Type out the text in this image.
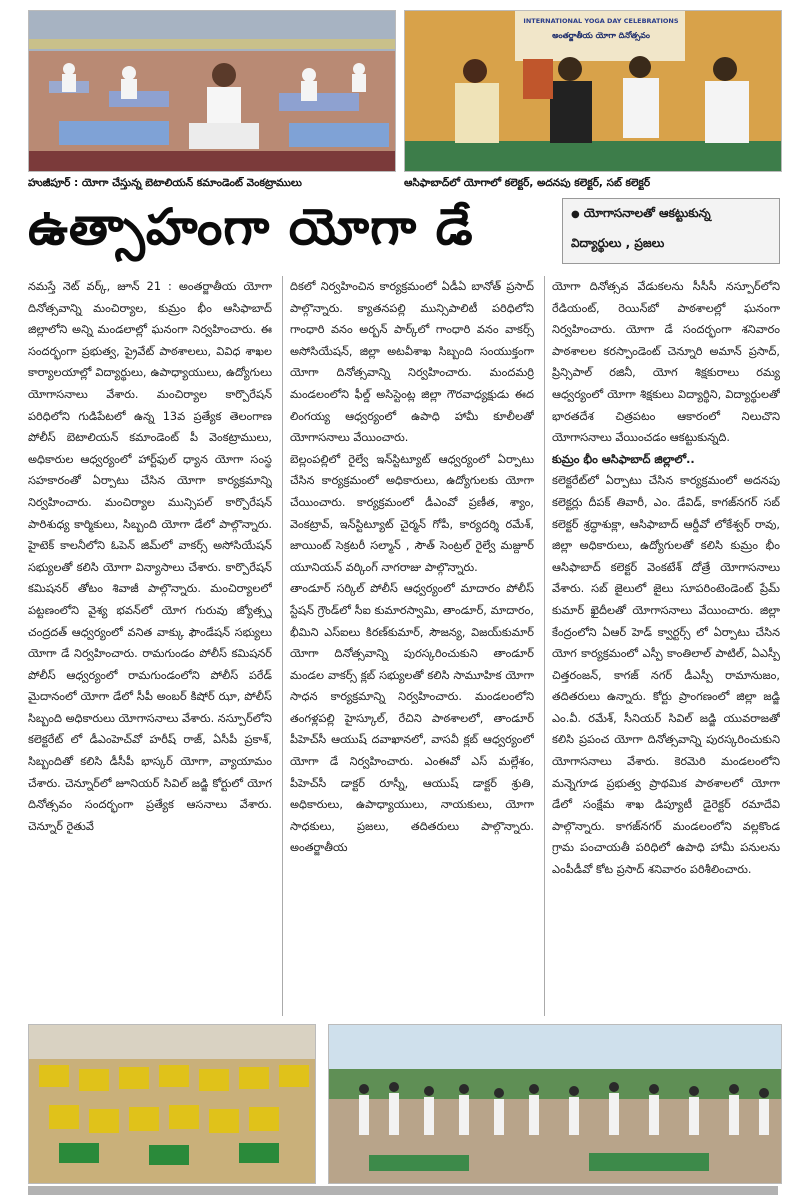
హుజీపూర్ : యోగా చేస్తున్న బెటాలియన్ కమాండెంట్ వెంకట్రాములు
INTERNATIONAL YOGA DAY CELEBRATIONS
అంతర్జాతీయ యోగా దినోత్సవం
ఆసిఫాబాద్‌లో యోగాలో కలెక్టర్, అదనపు కలెక్టర్, సబ్ కలెక్టర్
ఉత్సాహంగా యోగా డే	● యోగాసనాలతో ఆకట్టుకున్న
విద్యార్థులు , ప్రజలు

నమస్తే నెట్ వర్క్, జూన్ 21 : అంతర్జాతీయ యోగా దినోత్సవాన్ని మంచిర్యాల, కుమ్రం భీం ఆసిఫాబాద్ జిల్లాలోని అన్ని మండలాల్లో ఘనంగా నిర్వహించారు. ఈ సందర్భంగా ప్రభుత్వ, ప్రైవేట్ పాఠశాలలు, వివిధ శాఖల కార్యాలయాల్లో విద్యార్థులు, ఉపాధ్యాయులు, ఉద్యోగులు యోగాసనాలు వేశారు. మంచిర్యాల కార్పొరేషన్ పరిధిలోని గుడిపేటలో ఉన్న 13వ ప్రత్యేక తెలంగాణ పోలీస్ బెటాలియన్ కమాండెంట్ పీ వెంకట్రాములు, అధికారుల ఆధ్వర్యంలో హార్ట్‌ఫుల్ ధ్యాన యోగా సంస్థ సహకారంతో ఏర్పాటు చేసిన యోగా కార్యక్రమాన్ని నిర్వహించారు. మంచిర్యాల మున్సిపల్ కార్పొరేషన్ పారిశుధ్య కార్మికులు, సిబ్బంది యోగా డేలో పాల్గొన్నారు. హైటెక్ కాలనీలోని ఓపెన్ జిమ్‌లో వాకర్స్ అసోసియేషన్ సభ్యులతో కలిసి యోగా విన్యాసాలు చేశారు. కార్పొరేషన్ కమిషనర్ తోటం శివాజీ పాల్గొన్నారు. మంచిర్యాలలో పట్టణంలోని వైశ్య భవన్‌లో యోగ గురువు జ్యోత్స్న చంద్రదత్ ఆధ్వర్యంలో వనిత వాక్కు ఫౌండేషన్ సభ్యులు యోగా డే నిర్వహించారు. రామగుండం పోలీస్ కమిషనర్ పోలీస్ ఆధ్వర్యంలో రామగుండంలోని పోలీస్ పరేడ్ మైదానంలో యోగా డేలో సీపీ అంబర్ కిషోర్ ఝా, పోలీస్ సిబ్బంది అధికారులు యోగాసనాలు వేశారు. నస్పూర్‌లోని కలెక్టరేట్ లో డీఎంహెచ్‌వో హరీష్ రాజ్, ఏసీపీ ప్రకాశ్, సిబ్బందితో కలిసి డీసీపీ భాస్కర్ యోగా, వ్యాయామం చేశారు. చెన్నూర్‌లో జూనియర్ సివిల్ జడ్జి కోర్టులో యోగ దినోత్సవం సందర్భంగా ప్రత్యేక ఆసనాలు వేశారు. చెన్నూర్ రైతువే

దికలో నిర్వహించిన కార్యక్రమంలో ఏడీఏ బానోత్ ప్రసాద్ పాల్గొన్నారు. క్యాతనపల్లి మున్సిపాలిటీ పరిధిలోని గాంధారి వనం అర్బన్ పార్క్‌లో గాంధారి వనం వాకర్స్ అసోసియేషన్, జిల్లా అటవీశాఖ సిబ్బంది సంయుక్తంగా యోగా దినోత్సవాన్ని నిర్వహించారు. మందమర్రి మండలంలోని ఫీల్డ్ అసిస్టెంట్ల జిల్లా గౌరవాధ్యక్షుడు ఈద లింగయ్య ఆధ్వర్యంలో ఉపాధి హామీ కూలీలతో యోగాసనాలు వేయించారు.

బెల్లంపల్లిలో రైల్వే ఇన్‌స్టిట్యూట్ ఆధ్వర్యంలో ఏర్పాటు చేసిన కార్యక్రమంలో అధికారులు, ఉద్యోగులకు యోగా చేయించారు. కార్యక్రమంలో డీఎంవో ప్రణీత, శ్యాం, వెంకట్రావ్, ఇన్‌స్టిట్యూట్ చైర్మన్ గోపీ, కార్యదర్శి రమేశ్, జాయింట్ సెక్రటరీ సల్మాన్ , సౌత్ సెంట్రల్ రైల్వే మజ్దూర్ యూనియన్ వర్కింగ్ నాగరాజు పాల్గొన్నారు.

తాండూర్ సర్కిల్ పోలీస్ ఆధ్వర్యంలో మాదారం పోలీస్ స్టేషన్ గ్రౌండ్‌లో సీఐ కుమారస్వామి, తాండూర్, మాదారం, భీమిని ఎస్ఐలు కిరణ్‌కుమార్, సౌజన్య, విజయ్‌కుమార్ యోగా దినోత్సవాన్ని పురస్కరించుకుని తాండూర్ మండల వాకర్స్ క్లబ్ సభ్యులతో కలిసి సామూహిక యోగా సాధన కార్యక్రమాన్ని నిర్వహించారు. మండలంలోని తంగళ్లపల్లి హైస్కూల్, రేచిని పాఠశాలలో, తాండూర్ పీహెచ్‌సీ ఆయుష్ దవాఖానలో, వాసవీ క్లబ్ ఆధ్వర్యంలో యోగా డే నిర్వహించారు. ఎంఈవో ఎస్ మల్లేశం, పీహెచ్‌సీ డాక్టర్ రూస్నీ, ఆయుష్ డాక్టర్ శ్రుతి, అధికారులు, ఉపాధ్యాయులు, నాయకులు, యోగా సాధకులు, ప్రజలు, తదితరులు పాల్గొన్నారు. అంతర్జాతీయ

యోగా దినోత్సవ వేడుకలను సీసీసీ నస్పూర్‌లోని రేడియంట్, రెయిన్‌బో పాఠశాలల్లో ఘనంగా నిర్వహించారు. యోగా డే సందర్భంగా శనివారం పాఠశాలల కరస్పాండెంట్ చెన్నూరి అమాన్ ప్రసాద్, ప్రిన్సిపాల్ రజినీ, యోగ శిక్షకురాలు రమ్య ఆధ్వర్యంలో యోగా శిక్షకులు విద్యార్థిని, విద్యార్థులతో భారతదేశ చిత్రపటం ఆకారంలో నిలుచొని యోగాసనాలు వేయించడం ఆకట్టుకున్నది.

కుమ్రం భీం ఆసిఫాబాద్ జిల్లాలో..

కలెక్టరేట్‌లో ఏర్పాటు చేసిన కార్యక్రమంలో అదనపు కలెక్టర్లు దీపక్ తివారీ, ఎం. డేవిడ్, కాగజ్‌నగర్ సబ్ కలెక్టర్ శ్రద్ధాశుక్లా, ఆసిఫాబాద్ ఆర్డీవో లోకేశ్వర్ రావు, జిల్లా అధికారులు, ఉద్యోగులతో కలిసి కుమ్రం భీం ఆసిఫాబాద్ కలెక్టర్ వెంకటేశ్ దోత్రే యోగాసనాలు వేశారు. సబ్ జైలులో జైలు సూపరింటెండెంట్ ప్రేమ్ కుమార్ ఖైదీలతో యోగాసనాలు వేయించారు. జిల్లా కేంద్రంలోని ఏఆర్ హెడ్ క్వార్టర్స్ లో ఏర్పాటు చేసిన యోగ కార్యక్రమంలో ఎస్పీ కాంతిలాల్ పాటిల్, ఏఎస్పీ చిత్తరంజన్, కాగజ్ నగర్ డీఎస్పీ రామానుజం, తదితరులు ఉన్నారు. కోర్టు ప్రాంగణంలో జిల్లా జడ్జి ఎం.వీ. రమేశ్, సీనియర్ సివిల్ జడ్జి యువరాజతో కలిసి ప్రపంచ యోగా దినోత్సవాన్ని పురస్కరించుకుని యోగాసనాలు వేశారు. కెరమెరి మండలంలోని మన్నెగూడ ప్రభుత్వ ప్రాథమిక పాఠశాలలో యోగా డేలో సంక్షేమ శాఖ డిప్యూటీ డైరెక్టర్ రమాదేవి పాల్గొన్నారు. కాగజ్‌నగర్ మండలంలోని వల్లకొండ గ్రామ పంచాయతీ పరిధిలో ఉపాధి హామీ పనులను ఎంపీడీవో కోట ప్రసాద్ శనివారం పరిశీలించారు.
